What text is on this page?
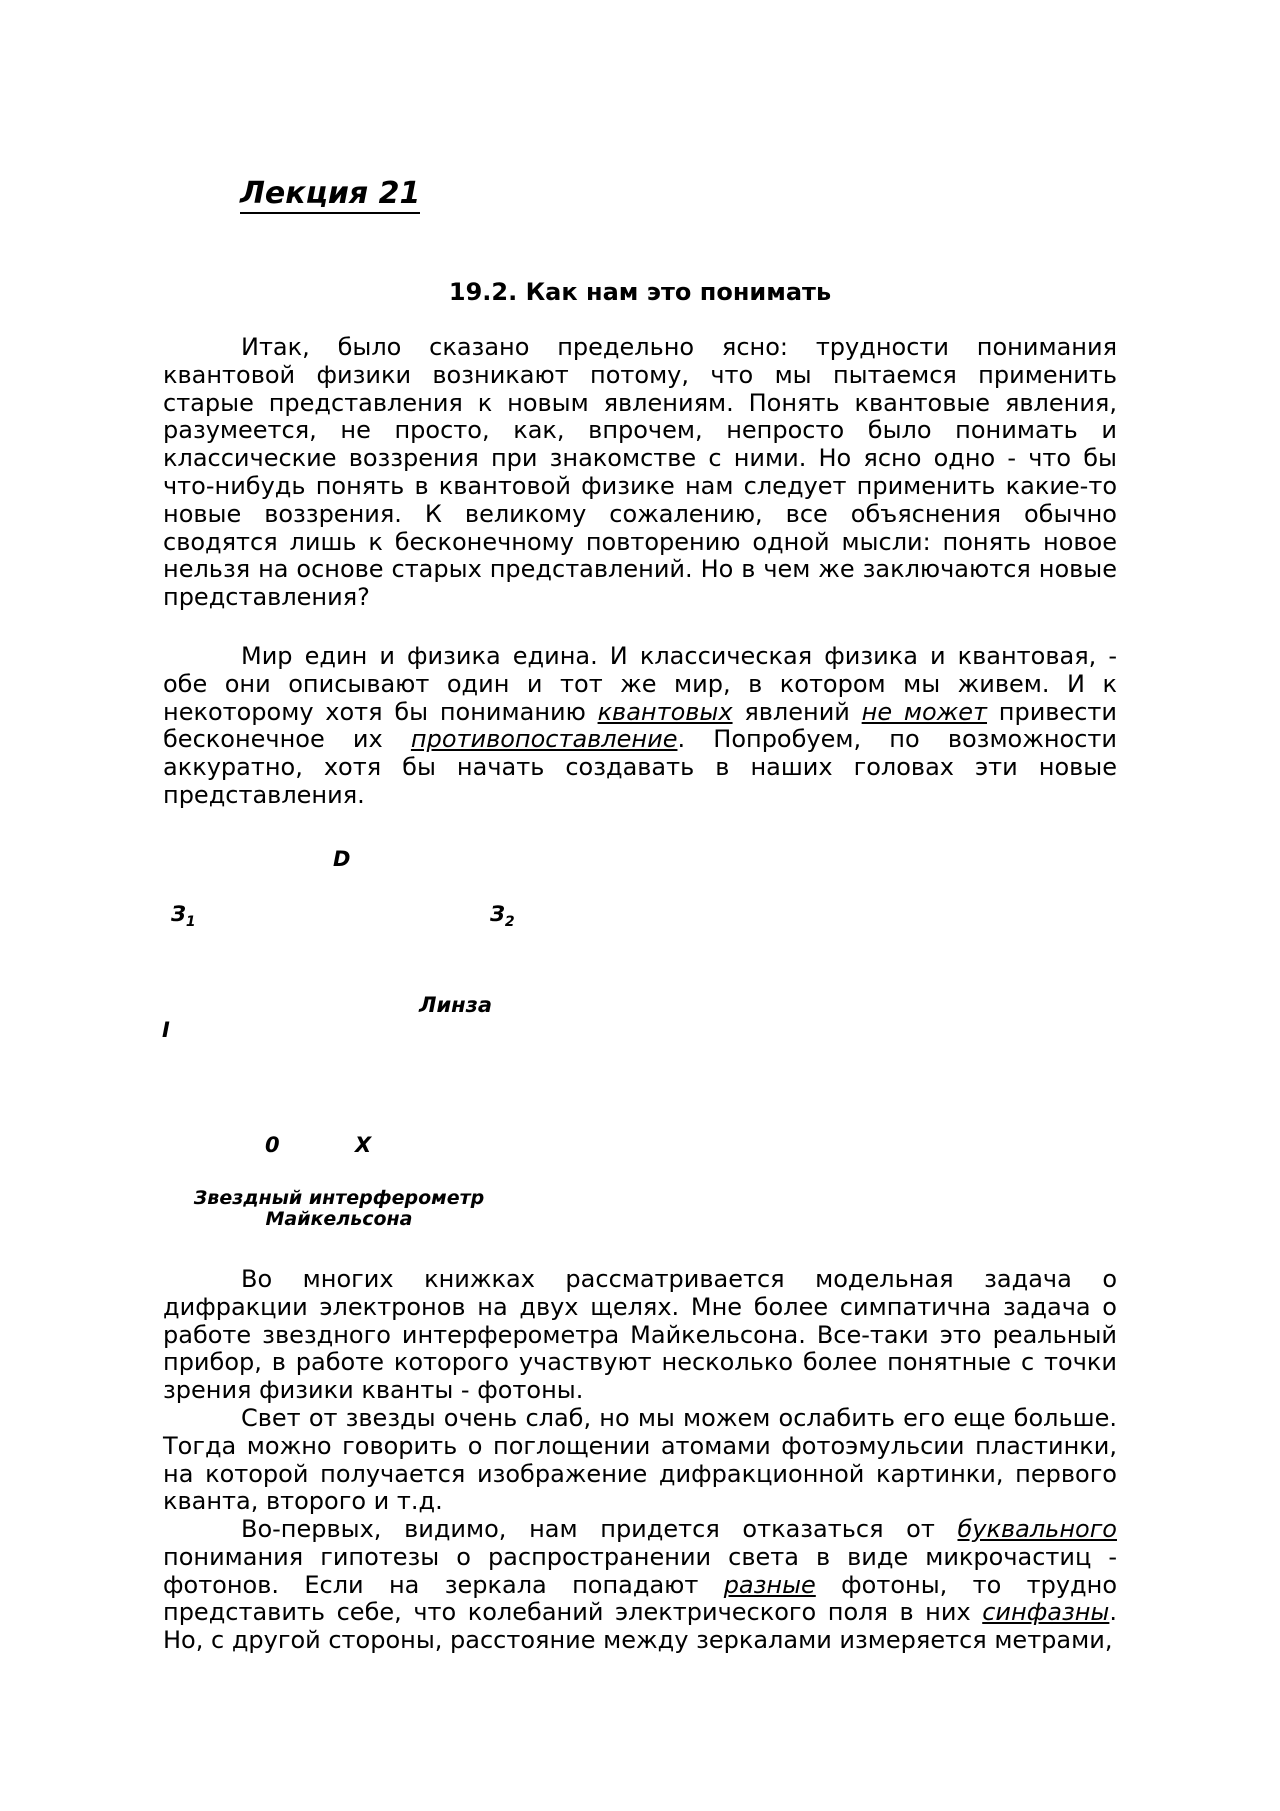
Лекция 21
19.2. Как нам это понимать

Итак, было сказано предельно ясно: трудности понимания квантовой физики возникают потому, что мы пытаемся применить старые представления к новым явлениям. Понять квантовые явления, разумеется, не просто, как, впрочем, непросто было понимать и классические воззрения при знакомстве с ними. Но ясно одно - что бы что-нибудь понять в квантовой физике нам следует применить какие-то новые воззрения. К великому сожалению, все объяснения обычно сводятся лишь к бесконечному повторению одной мысли: понять новое нельзя на основе старых представлений. Но в чем же заключаются новые представления?

Мир един и физика едина. И классическая физика и квантовая, - обе они описывают один и тот же мир, в котором мы живем. И к некоторому хотя бы пониманию квантовых явлений не может привести бесконечное их противопоставление. Попробуем, по возможности аккуратно, хотя бы начать создавать в наших головах эти новые представления.

D

$З_1$	$З_2$

Линза

I

0	X

Звездный интерферометр
Майкельсона

Во многих книжках рассматривается модельная задача о дифракции электронов на двух щелях. Мне более симпатична задача о работе звездного интерферометра Майкельсона. Все-таки это реальный прибор, в работе которого участвуют несколько более понятные с точки зрения физики кванты - фотоны.

Свет от звезды очень слаб, но мы можем ослабить его еще больше. Тогда можно говорить о поглощении атомами фотоэмульсии пластинки, на которой получается изображение дифракционной картинки, первого кванта, второго и т.д.

Во-первых, видимо, нам придется отказаться от буквального понимания гипотезы о распространении света в виде микрочастиц - фотонов. Если на зеркала попадают разные фотоны, то трудно представить себе, что колебаний электрического поля в них синфазны. Но, с другой стороны, расстояние между зеркалами измеряется метрами,
